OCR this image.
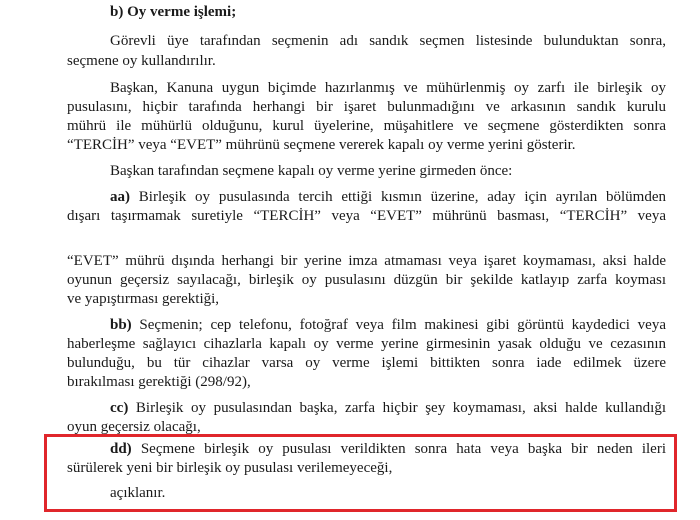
b) Oy verme işlemi;
Görevli üye tarafından seçmenin adı sandık seçmen listesinde bulunduktan sonra,
seçmene oy kullandırılır.
Başkan, Kanuna uygun biçimde hazırlanmış ve mühürlenmiş oy zarfı ile birleşik oy
pusulasını, hiçbir tarafında herhangi bir işaret bulunmadığını ve arkasının sandık kurulu
mührü ile mühürlü olduğunu, kurul üyelerine, müşahitlere ve seçmene gösterdikten sonra
“TERCİH” veya “EVET” mührünü seçmene vererek kapalı oy verme yerini gösterir.
Başkan tarafından seçmene kapalı oy verme yerine girmeden önce:
aa) Birleşik oy pusulasında tercih ettiği kısmın üzerine, aday için ayrılan bölümden
dışarı taşırmamak suretiyle “TERCİH” veya “EVET” mührünü basması, “TERCİH” veya
“EVET” mührü dışında herhangi bir yerine imza atmaması veya işaret koymaması, aksi halde
oyunun geçersiz sayılacağı, birleşik oy pusulasını düzgün bir şekilde katlayıp zarfa koyması
ve yapıştırması gerektiği,
bb) Seçmenin; cep telefonu, fotoğraf veya film makinesi gibi görüntü kaydedici veya
haberleşme sağlayıcı cihazlarla kapalı oy verme yerine girmesinin yasak olduğu ve cezasının
bulunduğu, bu tür cihazlar varsa oy verme işlemi bittikten sonra iade edilmek üzere
bırakılması gerektiği (298/92),
cc) Birleşik oy pusulasından başka, zarfa hiçbir şey koymaması, aksi halde kullandığı
oyun geçersiz olacağı,
dd) Seçmene birleşik oy pusulası verildikten sonra hata veya başka bir neden ileri
sürülerek yeni bir birleşik oy pusulası verilemeyeceği,
açıklanır.
